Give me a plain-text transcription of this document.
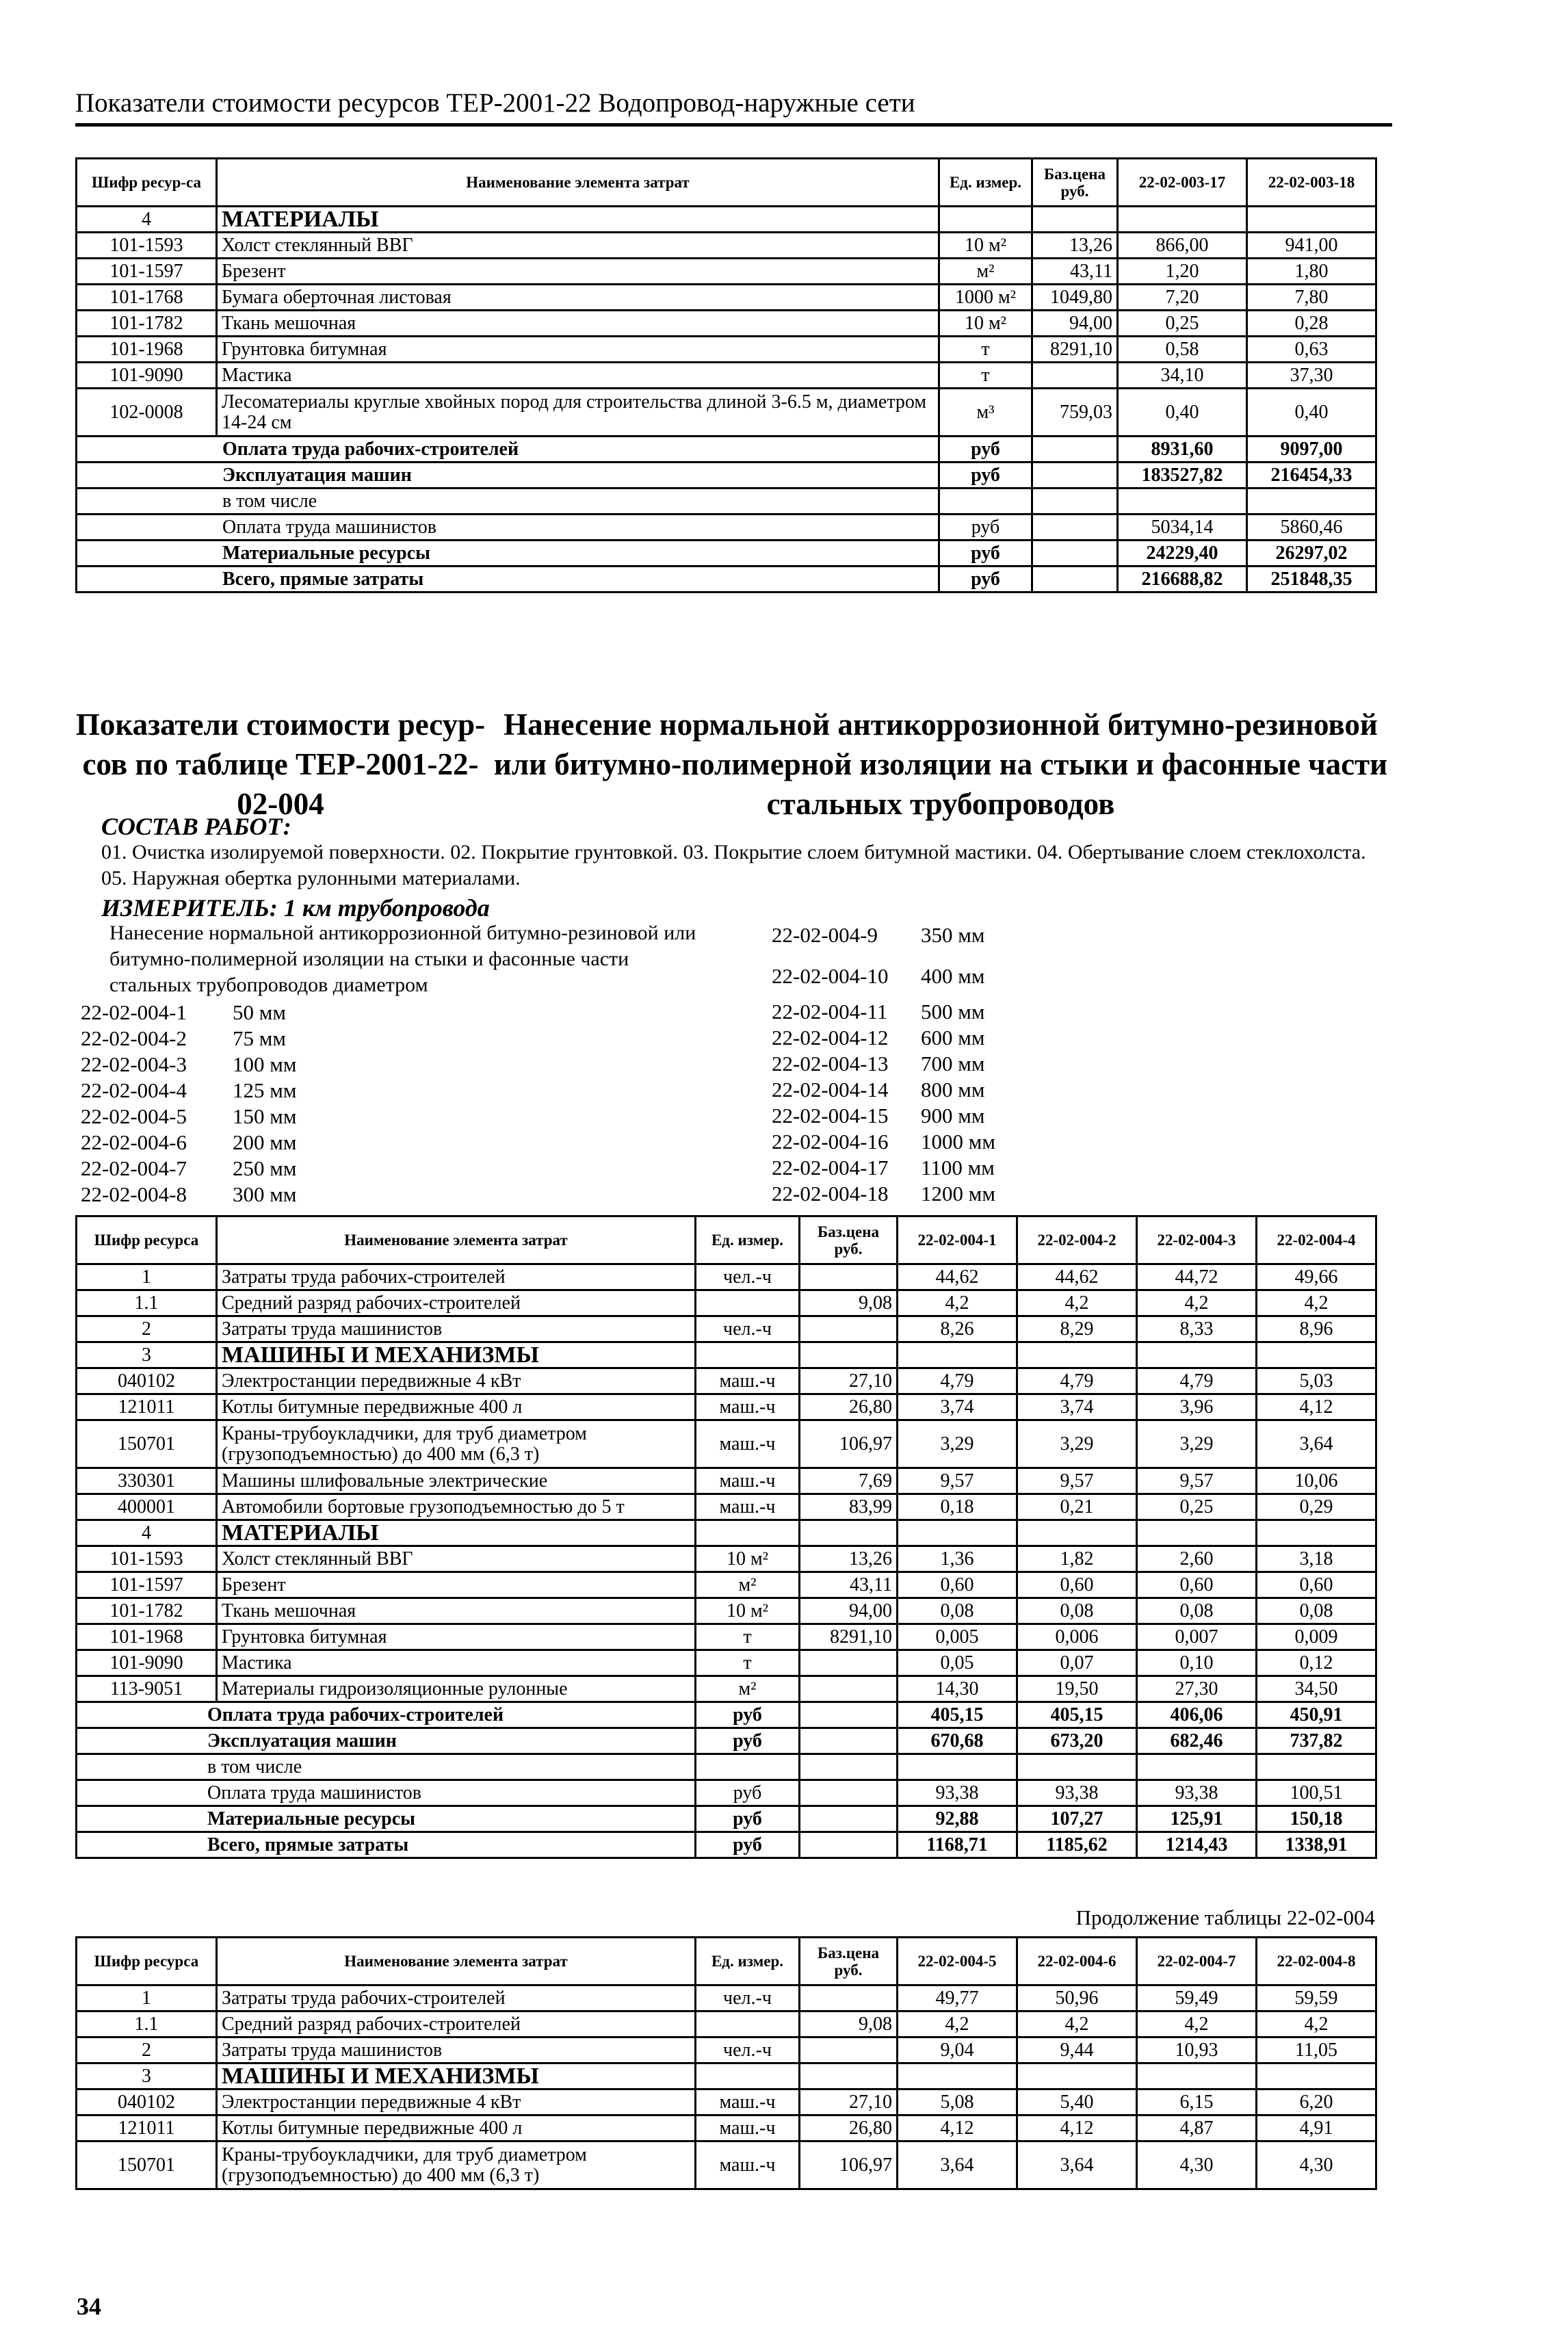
Показатели стоимости ресурсов ТЕР-2001-22 Водопровод-наружные сети
Шифр ресур-са	Наименование элемента затрат	Ед. измер.	Баз.цена руб.	22-02-003-17	22-02-003-18
4	МАТЕРИАЛЫ				
101-1593	Холст стеклянный ВВГ	10 м²	13,26	866,00	941,00
101-1597	Брезент	м²	43,11	1,20	1,80
101-1768	Бумага оберточная листовая	1000 м²	1049,80	7,20	7,80
101-1782	Ткань мешочная	10 м²	94,00	0,25	0,28
101-1968	Грунтовка битумная	т	8291,10	0,58	0,63
101-9090	Мастика	т		34,10	37,30
102-0008	Лесоматериалы круглые хвойных пород для строительства длиной 3-6.5 м, диаметром 14-24 см	м³	759,03	0,40	0,40
Оплата труда рабочих-строителей		руб		8931,60	9097,00
Эксплуатация машин		руб		183527,82	216454,33
в том числе					
Оплата труда машинистов		руб		5034,14	5860,46
Материальные ресурсы		руб		24229,40	26297,02
Всего, прямые затраты		руб		216688,82	251848,35
Показатели стоимости ресур-сов по таблице ТЕР-2001-22-02-004
Нанесение нормальной антикоррозионной битумно-резиновой или битумно-полимерной изоляции на стыки и фасонные части стальных трубопроводов
СОСТАВ РАБОТ:
01. Очистка изолируемой поверхности. 02. Покрытие грунтовкой. 03. Покрытие слоем битумной мастики. 04. Обертывание слоем стеклохолста. 05. Наружная обертка рулонными материалами.
ИЗМЕРИТЕЛЬ: 1 км трубопровода
Нанесение нормальной антикоррозионной битумно-резиновой или битумно-полимерной изоляции на стыки и фасонные части стальных трубопроводов диаметром
22-02-004-1	50 мм
22-02-004-2	75 мм
22-02-004-3	100 мм
22-02-004-4	125 мм
22-02-004-5	150 мм
22-02-004-6	200 мм
22-02-004-7	250 мм
22-02-004-8	300 мм
22-02-004-9	350 мм
22-02-004-10	400 мм
22-02-004-11	500 мм
22-02-004-12	600 мм
22-02-004-13	700 мм
22-02-004-14	800 мм
22-02-004-15	900 мм
22-02-004-16	1000 мм
22-02-004-17	1100 мм
22-02-004-18	1200 мм
Шифр ресурса	Наименование элемента затрат	Ед. измер.	Баз.цена руб.	22-02-004-1	22-02-004-2	22-02-004-3	22-02-004-4
1	Затраты труда рабочих-строителей	чел.-ч		44,62	44,62	44,72	49,66
1.1	Средний разряд рабочих-строителей		9,08	4,2	4,2	4,2	4,2
2	Затраты труда машинистов	чел.-ч		8,26	8,29	8,33	8,96
3	МАШИНЫ И МЕХАНИЗМЫ						
040102	Электростанции передвижные 4 кВт	маш.-ч	27,10	4,79	4,79	4,79	5,03
121011	Котлы битумные передвижные 400 л	маш.-ч	26,80	3,74	3,74	3,96	4,12
150701	Краны-трубоукладчики, для труб диаметром (грузоподъемностью) до 400 мм (6,3 т)	маш.-ч	106,97	3,29	3,29	3,29	3,64
330301	Машины шлифовальные электрические	маш.-ч	7,69	9,57	9,57	9,57	10,06
400001	Автомобили бортовые грузоподъемностью до 5 т	маш.-ч	83,99	0,18	0,21	0,25	0,29
4	МАТЕРИАЛЫ						
101-1593	Холст стеклянный ВВГ	10 м²	13,26	1,36	1,82	2,60	3,18
101-1597	Брезент	м²	43,11	0,60	0,60	0,60	0,60
101-1782	Ткань мешочная	10 м²	94,00	0,08	0,08	0,08	0,08
101-1968	Грунтовка битумная	т	8291,10	0,005	0,006	0,007	0,009
101-9090	Мастика	т		0,05	0,07	0,10	0,12
113-9051	Материалы гидроизоляционные рулонные	м²		14,30	19,50	27,30	34,50
Оплата труда рабочих-строителей		руб		405,15	405,15	406,06	450,91
Эксплуатация машин		руб		670,68	673,20	682,46	737,82
в том числе							
Оплата труда машинистов		руб		93,38	93,38	93,38	100,51
Материальные ресурсы		руб		92,88	107,27	125,91	150,18
Всего, прямые затраты		руб		1168,71	1185,62	1214,43	1338,91
Продолжение таблицы 22-02-004
Шифр ресурса	Наименование элемента затрат	Ед. измер.	Баз.цена руб.	22-02-004-5	22-02-004-6	22-02-004-7	22-02-004-8
1	Затраты труда рабочих-строителей	чел.-ч		49,77	50,96	59,49	59,59
1.1	Средний разряд рабочих-строителей		9,08	4,2	4,2	4,2	4,2
2	Затраты труда машинистов	чел.-ч		9,04	9,44	10,93	11,05
3	МАШИНЫ И МЕХАНИЗМЫ						
040102	Электростанции передвижные 4 кВт	маш.-ч	27,10	5,08	5,40	6,15	6,20
121011	Котлы битумные передвижные 400 л	маш.-ч	26,80	4,12	4,12	4,87	4,91
150701	Краны-трубоукладчики, для труб диаметром (грузоподъемностью) до 400 мм (6,3 т)	маш.-ч	106,97	3,64	3,64	4,30	4,30
34
